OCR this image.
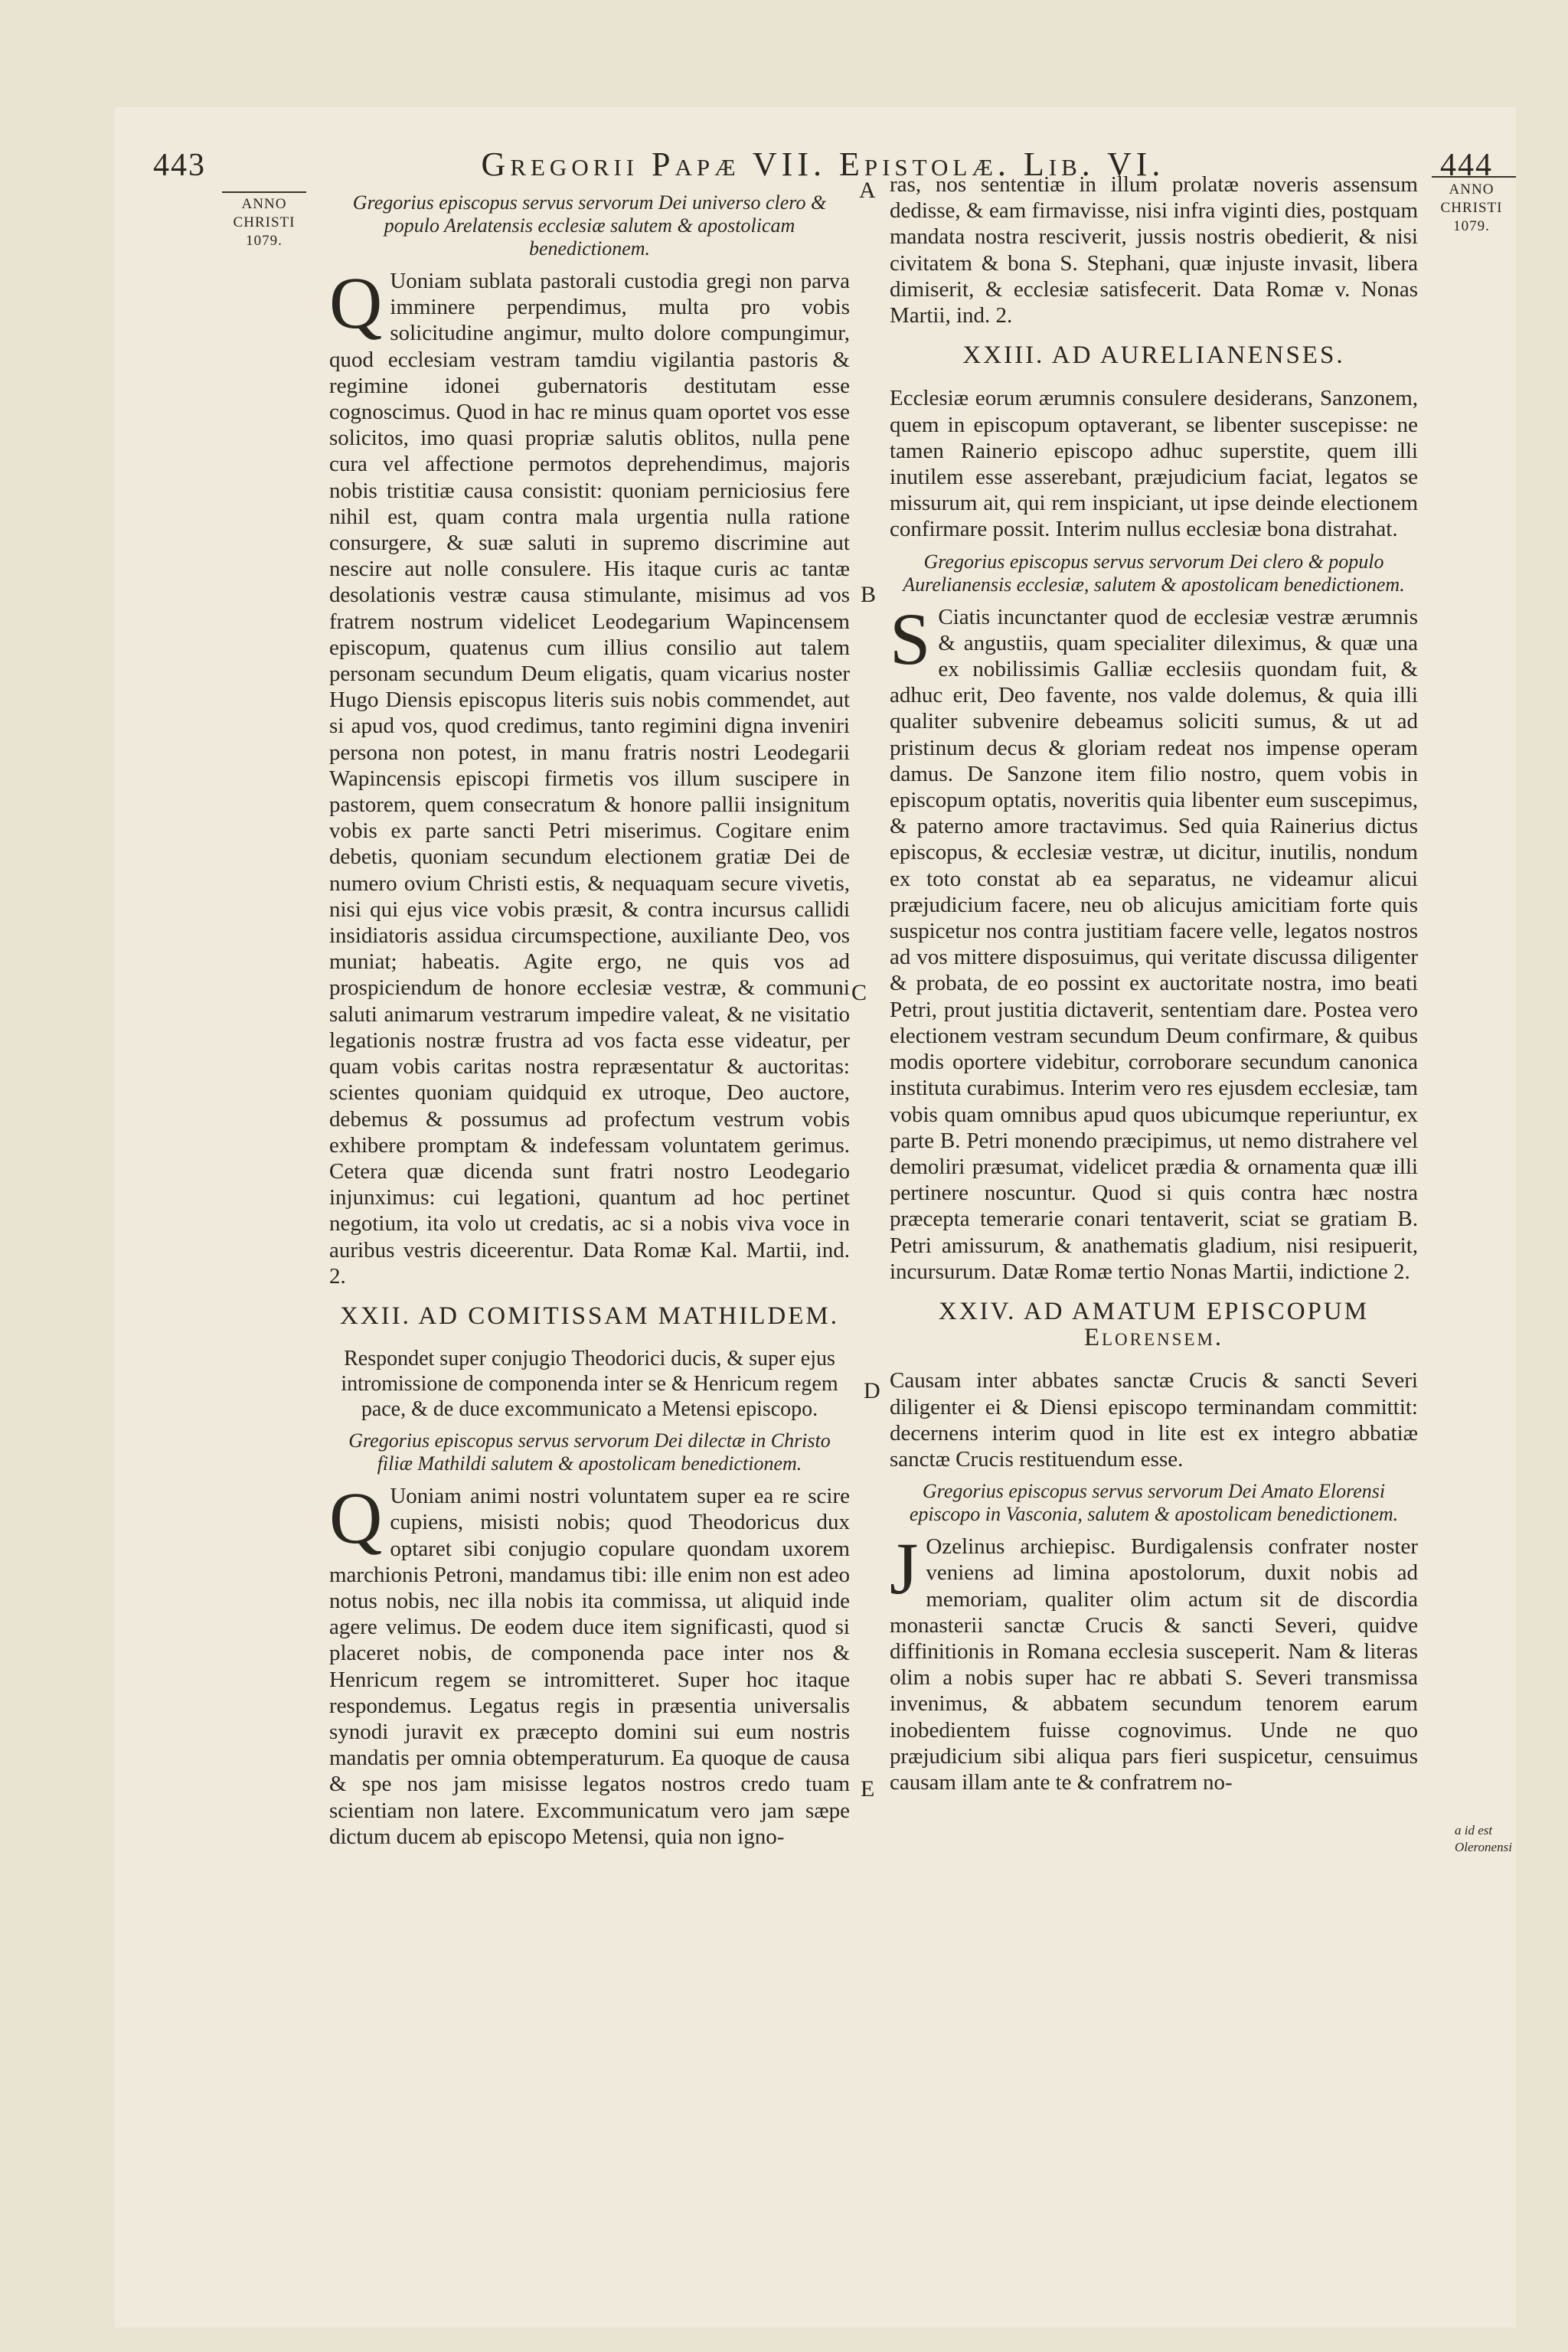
443	Gregorii Papæ VII. Epistolæ. Lib. VI.	444
ANNO
CHRISTI
1079.
ANNO
CHRISTI
1079.
A
B
C
D
E

Gregorius episcopus servus servorum Dei universo clero & populo Arelatensis ecclesiæ salutem & apostolicam benedictionem.

Q Uoniam sublata pastorali custodia gregi non parva imminere perpendimus, multa pro vobis solicitudine angimur, multo dolore compungimur, quod ecclesiam vestram tamdiu vigilantia pastoris & regimine idonei gubernatoris destitutam esse cognoscimus. Quod in hac re minus quam oportet vos esse solicitos, imo quasi propriæ salutis oblitos, nulla pene cura vel affectione permotos deprehendimus, majoris nobis tristitiæ causa consistit: quoniam perniciosius fere nihil est, quam contra mala urgentia nulla ratione consurgere, & suæ saluti in supremo discrimine aut nescire aut nolle consulere. His itaque curis ac tantæ desolationis vestræ causa stimulante, misimus ad vos fratrem nostrum videlicet Leodegarium Wapincensem episcopum, quatenus cum illius consilio aut talem personam secundum Deum eligatis, quam vicarius noster Hugo Diensis episcopus literis suis nobis commendet, aut si apud vos, quod credimus, tanto regimini digna inveniri persona non potest, in manu fratris nostri Leodegarii Wapincensis episcopi firmetis vos illum suscipere in pastorem, quem consecratum & honore pallii insignitum vobis ex parte sancti Petri miserimus. Cogitare enim debetis, quoniam secundum electionem gratiæ Dei de numero ovium Christi estis, & nequaquam secure vivetis, nisi qui ejus vice vobis præsit, & contra incursus callidi insidiatoris assidua circumspectione, auxiliante Deo, vos muniat; habeatis. Agite ergo, ne quis vos ad prospiciendum de honore ecclesiæ vestræ, & communi saluti animarum vestrarum impedire valeat, & ne visitatio legationis nostræ frustra ad vos facta esse videatur, per quam vobis caritas nostra repræsentatur & auctoritas: scientes quoniam quidquid ex utroque, Deo auctore, debemus & possumus ad profectum vestrum vobis exhibere promptam & indefessam voluntatem gerimus. Cetera quæ dicenda sunt fratri nostro Leodegario injunximus: cui legationi, quantum ad hoc pertinet negotium, ita volo ut credatis, ac si a nobis viva voce in auribus vestris diceerentur. Data Romæ Kal. Martii, ind. 2.

XXII. AD COMITISSAM MATHILDEM.

Respondet super conjugio Theodorici ducis, & super ejus intromissione de componenda inter se & Henricum regem pace, & de duce excommunicato a Metensi episcopo.

Gregorius episcopus servus servorum Dei dilectæ in Christo filiæ Mathildi salutem & apostolicam benedictionem.

Q Uoniam animi nostri voluntatem super ea re scire cupiens, misisti nobis; quod Theodoricus dux optaret sibi conjugio copulare quondam uxorem marchionis Petroni, mandamus tibi: ille enim non est adeo notus nobis, nec illa nobis ita commissa, ut aliquid inde agere velimus. De eodem duce item significasti, quod si placeret nobis, de componenda pace inter nos & Henricum regem se intromitteret. Super hoc itaque respondemus. Legatus regis in præsentia universalis synodi juravit ex præcepto domini sui eum nostris mandatis per omnia obtemperaturum. Ea quoque de causa & spe nos jam misisse legatos nostros credo tuam scientiam non latere. Excommunicatum vero jam sæpe dictum ducem ab episcopo Metensi, quia non igno-

ras, nos sententiæ in illum prolatæ noveris assensum dedisse, & eam firmavisse, nisi infra viginti dies, postquam mandata nostra resciverit, jussis nostris obedierit, & nisi civitatem & bona S. Stephani, quæ injuste invasit, libera dimiserit, & ecclesiæ satisfecerit. Data Romæ v. Nonas Martii, ind. 2.

XXIII. AD AURELIANENSES.

Ecclesiæ eorum ærumnis consulere desiderans, Sanzonem, quem in episcopum optaverant, se libenter suscepisse: ne tamen Rainerio episcopo adhuc superstite, quem illi inutilem esse asserebant, præjudicium faciat, legatos se missurum ait, qui rem inspiciant, ut ipse deinde electionem confirmare possit. Interim nullus ecclesiæ bona distrahat.

Gregorius episcopus servus servorum Dei clero & populo Aurelianensis ecclesiæ, salutem & apostolicam benedictionem.

S Ciatis incunctanter quod de ecclesiæ vestræ ærumnis & angustiis, quam specialiter dileximus, & quæ una ex nobilissimis Galliæ ecclesiis quondam fuit, & adhuc erit, Deo favente, nos valde dolemus, & quia illi qualiter subvenire debeamus soliciti sumus, & ut ad pristinum decus & gloriam redeat nos impense operam damus. De Sanzone item filio nostro, quem vobis in episcopum optatis, noveritis quia libenter eum suscepimus, & paterno amore tractavimus. Sed quia Rainerius dictus episcopus, & ecclesiæ vestræ, ut dicitur, inutilis, nondum ex toto constat ab ea separatus, ne videamur alicui præjudicium facere, neu ob alicujus amicitiam forte quis suspicetur nos contra justitiam facere velle, legatos nostros ad vos mittere disposuimus, qui veritate discussa diligenter & probata, de eo possint ex auctoritate nostra, imo beati Petri, prout justitia dictaverit, sententiam dare. Postea vero electionem vestram secundum Deum confirmare, & quibus modis oportere videbitur, corroborare secundum canonica instituta curabimus. Interim vero res ejusdem ecclesiæ, tam vobis quam omnibus apud quos ubicumque reperiuntur, ex parte B. Petri monendo præcipimus, ut nemo distrahere vel demoliri præsumat, videlicet prædia & ornamenta quæ illi pertinere noscuntur. Quod si quis contra hæc nostra præcepta temerarie conari tentaverit, sciat se gratiam B. Petri amissurum, & anathematis gladium, nisi resipuerit, incursurum. Datæ Romæ tertio Nonas Martii, indictione 2.

XXIV. AD AMATUM EPISCOPUM Elorensem.

Causam inter abbates sanctæ Crucis & sancti Severi diligenter ei & Diensi episcopo terminandam committit: decernens interim quod in lite est ex integro abbatiæ sanctæ Crucis restituendum esse.

Gregorius episcopus servus servorum Dei Amato Elorensi episcopo in Vasconia, salutem & apostolicam benedictionem.

J Ozelinus archiepisc. Burdigalensis confrater noster veniens ad limina apostolorum, duxit nobis ad memoriam, qualiter olim actum sit de discordia monasterii sanctæ Crucis & sancti Severi, quidve diffinitionis in Romana ecclesia susceperit. Nam & literas olim a nobis super hac re abbati S. Severi transmissa invenimus, & abbatem secundum tenorem earum inobedientem fuisse cognovimus. Unde ne quo præjudicium sibi aliqua pars fieri suspicetur, censuimus causam illam ante te & confratrem no-

a id est Oleronensi
